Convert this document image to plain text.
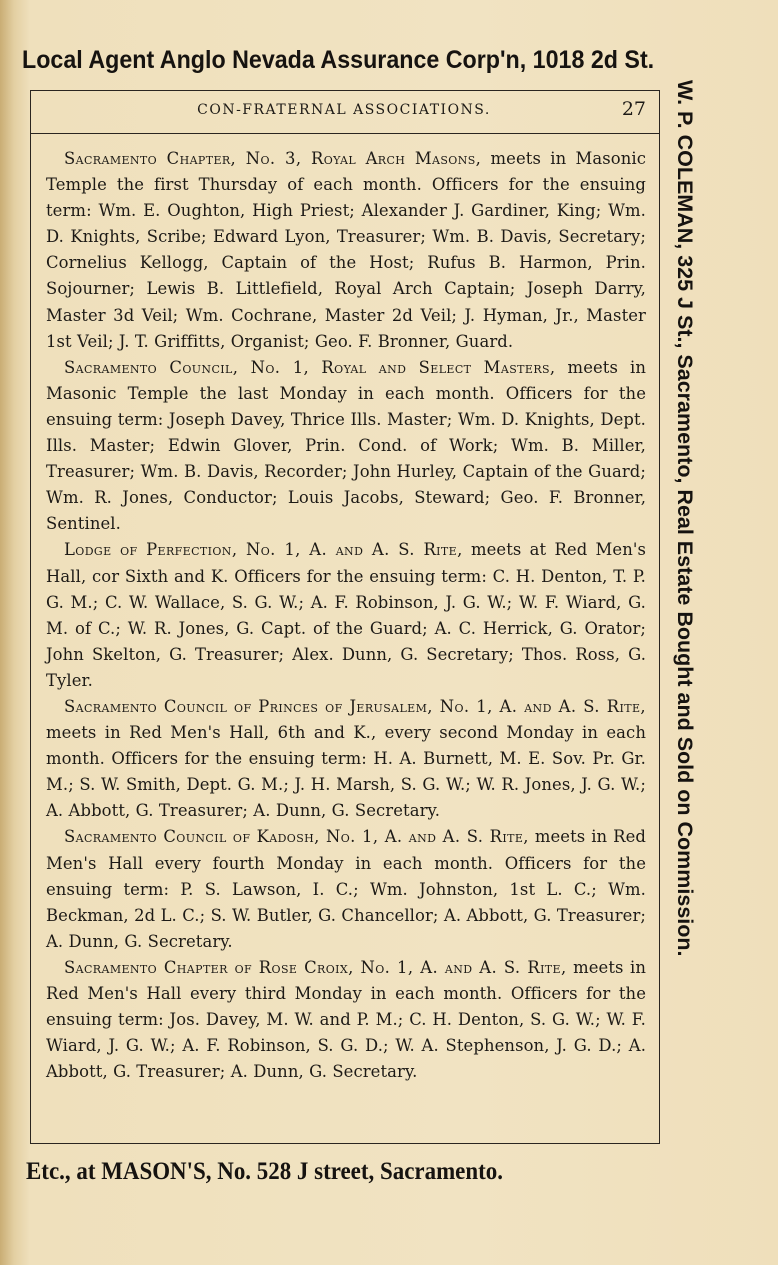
Local Agent Anglo Nevada Assurance Corp'n, 1018 2d St.
CON-FRATERNAL ASSOCIATIONS.	27

Sacramento Chapter, No. 3, Royal Arch Masons, meets in Masonic Temple the first Thursday of each month. Officers for the ensuing term: Wm. E. Oughton, High Priest; Alexander J. Gardiner, King; Wm. D. Knights, Scribe; Edward Lyon, Treasurer; Wm. B. Davis, Secretary; Cornelius Kellogg, Captain of the Host; Rufus B. Harmon, Prin. Sojourner; Lewis B. Littlefield, Royal Arch Captain; Joseph Darry, Master 3d Veil; Wm. Cochrane, Master 2d Veil; J. Hyman, Jr., Master 1st Veil; J. T. Griffitts, Organist; Geo. F. Bronner, Guard.

Sacramento Council, No. 1, Royal and Select Masters, meets in Masonic Temple the last Monday in each month. Officers for the ensuing term: Joseph Davey, Thrice Ills. Master; Wm. D. Knights, Dept. Ills. Master; Edwin Glover, Prin. Cond. of Work; Wm. B. Miller, Treasurer; Wm. B. Davis, Recorder; John Hurley, Captain of the Guard; Wm. R. Jones, Conductor; Louis Jacobs, Steward; Geo. F. Bronner, Sentinel.

Lodge of Perfection, No. 1, A. and A. S. Rite, meets at Red Men's Hall, cor Sixth and K. Officers for the ensuing term: C. H. Denton, T. P. G. M.; C. W. Wallace, S. G. W.; A. F. Robinson, J. G. W.; W. F. Wiard, G. M. of C.; W. R. Jones, G. Capt. of the Guard; A. C. Herrick, G. Orator; John Skelton, G. Treasurer; Alex. Dunn, G. Secretary; Thos. Ross, G. Tyler.

Sacramento Council of Princes of Jerusalem, No. 1, A. and A. S. Rite, meets in Red Men's Hall, 6th and K., every second Monday in each month. Officers for the ensuing term: H. A. Burnett, M. E. Sov. Pr. Gr. M.; S. W. Smith, Dept. G. M.; J. H. Marsh, S. G. W.; W. R. Jones, J. G. W.; A. Abbott, G. Treasurer; A. Dunn, G. Secretary.

Sacramento Council of Kadosh, No. 1, A. and A. S. Rite, meets in Red Men's Hall every fourth Monday in each month. Officers for the ensuing term: P. S. Lawson, I. C.; Wm. Johnston, 1st L. C.; Wm. Beckman, 2d L. C.; S. W. Butler, G. Chancellor; A. Abbott, G. Treasurer; A. Dunn, G. Secretary.

Sacramento Chapter of Rose Croix, No. 1, A. and A. S. Rite, meets in Red Men's Hall every third Monday in each month. Officers for the ensuing term: Jos. Davey, M. W. and P. M.; C. H. Denton, S. G. W.; W. F. Wiard, J. G. W.; A. F. Robinson, S. G. D.; W. A. Stephenson, J. G. D.; A. Abbott, G. Treasurer; A. Dunn, G. Secretary.

W. P. COLEMAN, 325 J St., Sacramento, Real Estate Bought and Sold on Commission.
Etc., at MASON'S, No. 528 J street, Sacramento.
